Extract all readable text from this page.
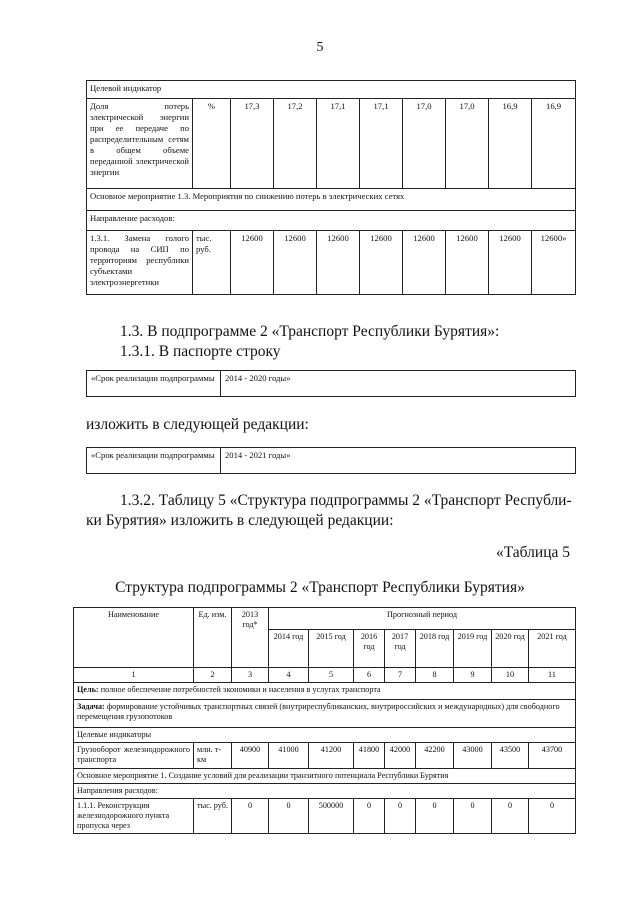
5
Целевой индикатор									
Доля потерь электрической энергии при ее передаче по распределительным сетям в общем объеме переданной электрической энергии	%	17,3	17,2	17,1	17,1	17,0	17,0	16,9	16,9
Основное мероприятие 1.3. Мероприятия по снижению потерь в электрических сетях									
Направление расходов:									
1.3.1. Замена голого провода на СИП по территориям республики субъектами электроэнергетики	тыс. руб.	12600	12600	12600	12600	12600	12600	12600	12600»
1.3. В подпрограмме 2 «Транспорт Республики Бурятия»:
1.3.1. В паспорте строку
«Срок реализации подпрограммы	2014 - 2020 годы»
изложить в следующей редакции:
«Срок реализации подпрограммы	2014 - 2021 годы»
1.3.2. Таблицу 5 «Структура подпрограммы 2 «Транспорт Республи-
ки Бурятия» изложить в следующей редакции:
«Таблица 5
Структура подпрограммы 2 «Транспорт Республики Бурятия»
Наименование	Ед. изм.	2013 год*	Прогнозный период							
			2014 год	2015 год	2016 год	2017 год	2018 год	2019 год	2020 год	2021 год
1	2	3	4	5	6	7	8	9	10	11
Цель: полное обеспечение потребностей экономики и населения в услугах транспорта										
Задача: формирование устойчивых транспортных связей (внутриреспубликанских, внутрироссийских и международных) для свободного перемещения грузопотоков										
Целевые индикаторы										
Грузооборот железнодорожного транспорта	млн. т-км	40900	41000	41200	41800	42000	42200	43000	43500	43700
Основное мероприятие 1. Создание условий для реализации транзитного потенциала Республики Бурятия										
Направления расходов:										
1.1.1. Реконструкция железнодорожного пункта пропуска через	тыс. руб.	0	0	500000	0	0	0	0	0	0
